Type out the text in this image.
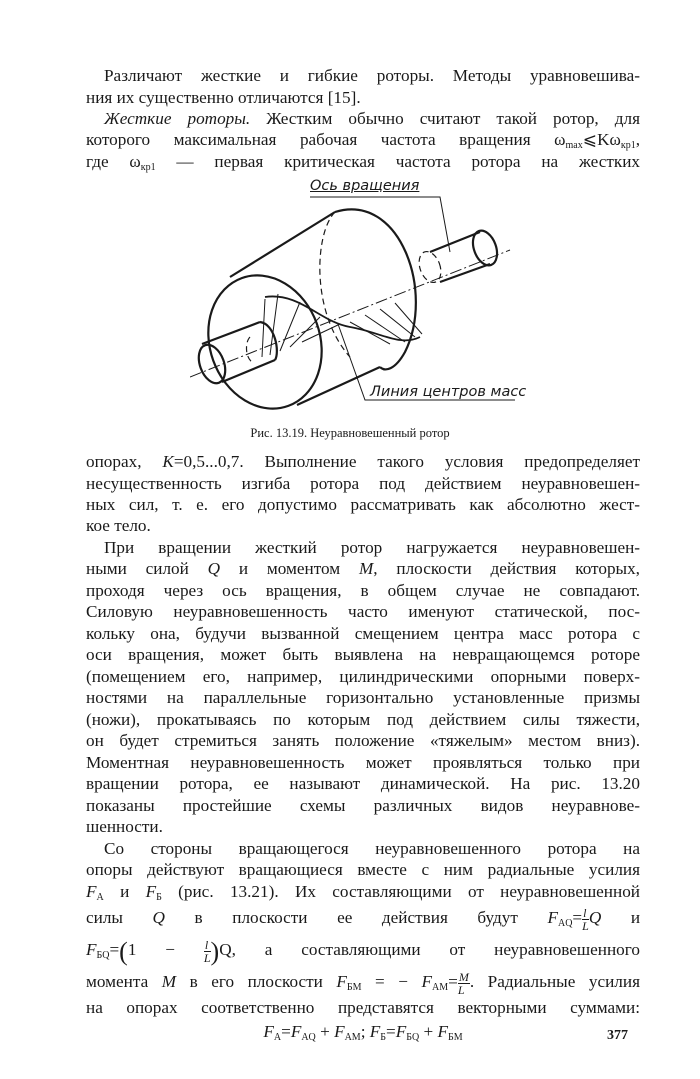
Различают жесткие и гибкие роторы. Методы уравновешива-
ния их существенно отличаются [15].
Жесткие роторы. Жестким обычно считают такой ротор, для
которого максимальная рабочая частота вращения $\omega_{max}⩽K\omega_{кр1}$,
где $\omega_{кр1}$ — первая критическая частота ротора на жестких
Ось вращения
Линия центров масс
Рис. 13.19. Неуравновешенный ротор
опорах, K=0,5...0,7. Выполнение такого условия предопределяет
несущественность изгиба ротора под действием неуравновешен-
ных сил, т. е. его допустимо рассматривать как абсолютно жест-
кое тело.
При вращении жесткий ротор нагружается неуравновешен-
ными силой Q и моментом M, плоскости действия которых,
проходя через ось вращения, в общем случае не совпадают.
Силовую неуравновешенность часто именуют статической, пос-
кольку она, будучи вызванной смещением центра масс ротора с
оси вращения, может быть выявлена на невращающемся роторе
(помещением его, например, цилиндрическими опорными поверх-
ностями на параллельные горизонтально установленные призмы
(ножи), прокатываясь по которым под действием силы тяжести,
он будет стремиться занять положение «тяжелым» местом вниз).
Моментная неуравновешенность может проявляться только при
вращении ротора, ее называют динамической. На рис. 13.20
показаны простейшие схемы различных видов неуравнове-
шенности.
Со стороны вращающегося неуравновешенного ротора на
опоры действуют вращающиеся вместе с ним радиальные усилия
$F_А$ и $F_Б$ (рис. 13.21). Их составляющими от неуравновешенной
силы Q в плоскости ее действия будут $F_{AQ}= \frac{l}{L}$ Q и
$F_{БQ}=(1 - \frac{l}{L} )Q$, а составляющими от неуравновешенного
момента M в его плоскости $F_{БМ}$ = − $F_{АМ}= \frac{M}{L}$ . Радиальные усилия
на опорах соответственно представятся векторными суммами:
$F_А=F_{AQ} + F_{АМ}$; $F_Б=F_{БQ} + F_{БМ}$	377
